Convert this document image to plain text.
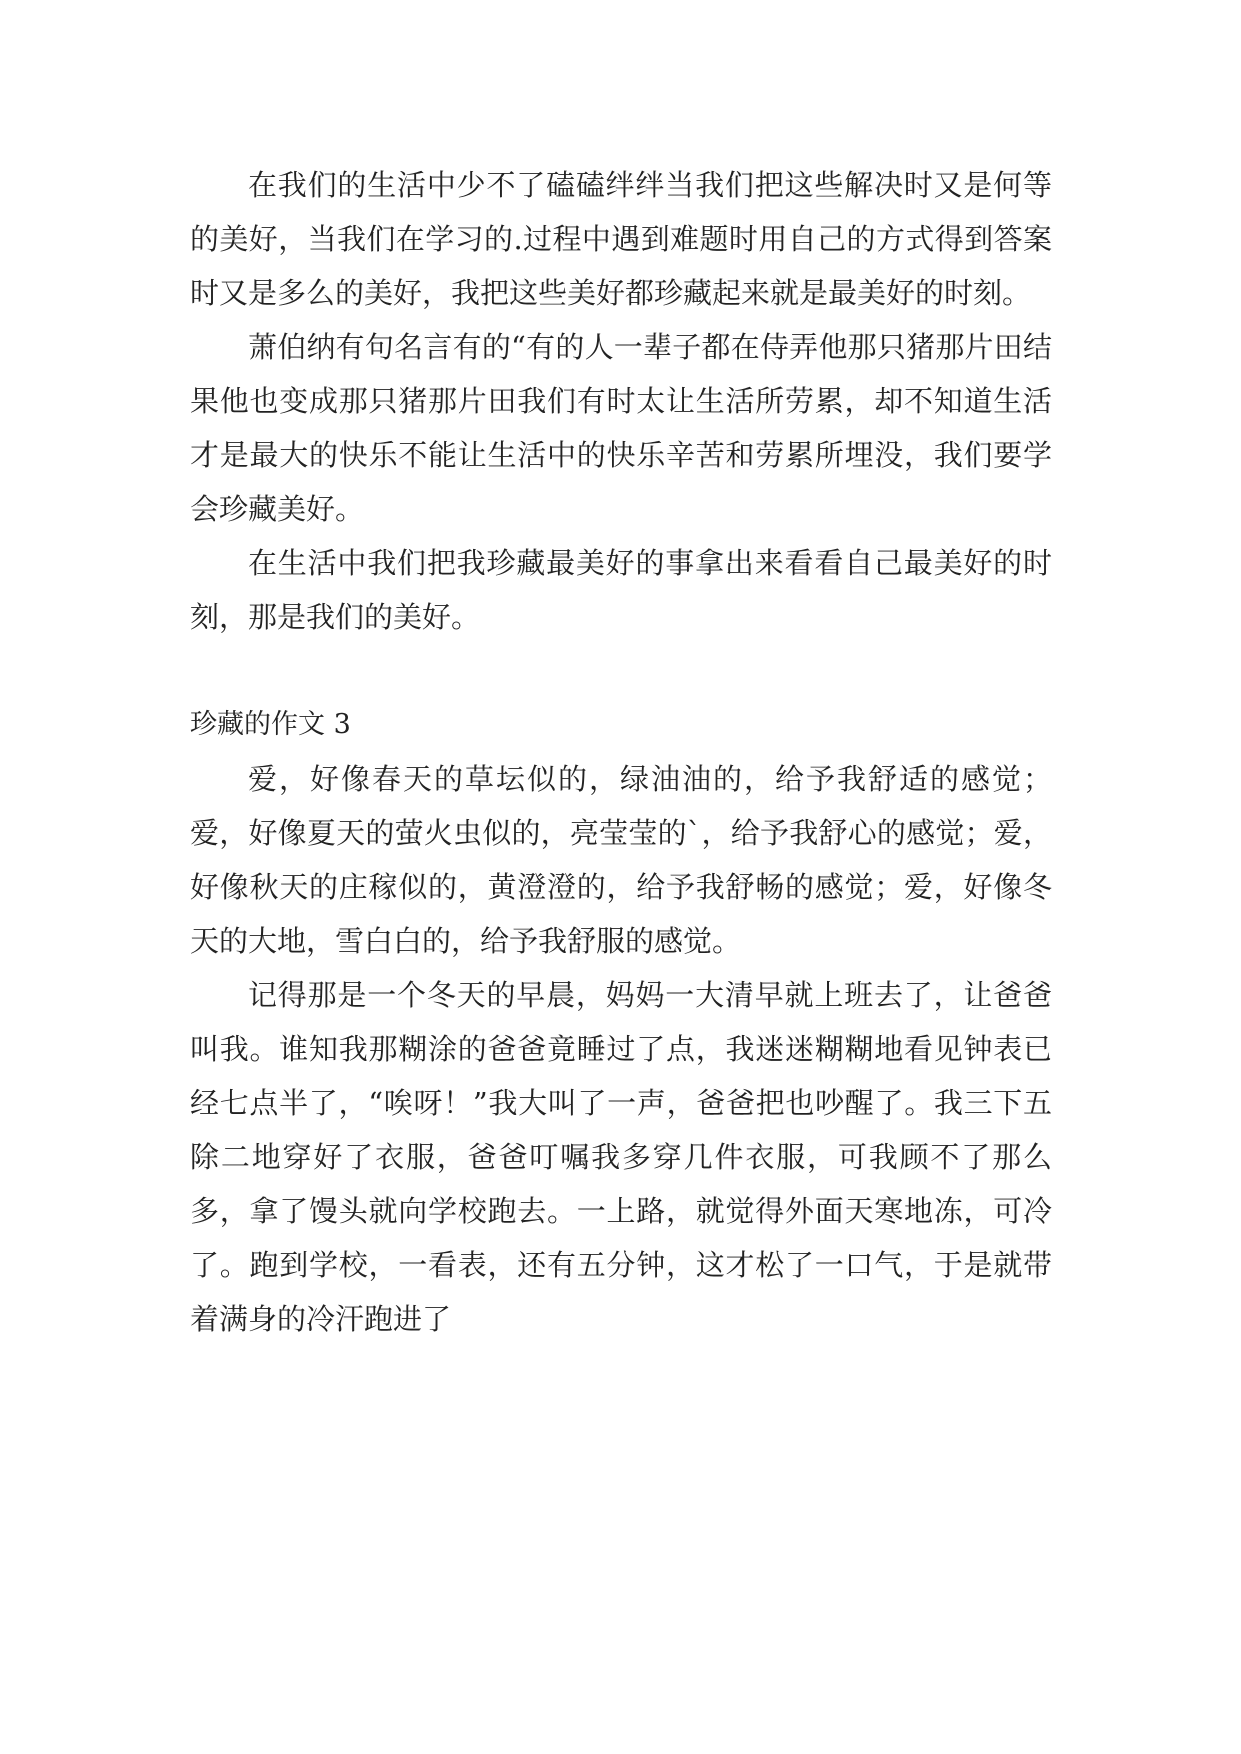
在我们的生活中少不了磕磕绊绊当我们把这些解决时又是何等的美好，当我们在学习的.过程中遇到难题时用自己的方式得到答案时又是多么的美好，我把这些美好都珍藏起来就是最美好的时刻。

萧伯纳有句名言有的“有的人一辈子都在侍弄他那只猪那片田结果他也变成那只猪那片田我们有时太让生活所劳累，却不知道生活才是最大的快乐不能让生活中的快乐辛苦和劳累所埋没，我们要学会珍藏美好。

在生活中我们把我珍藏最美好的事拿出来看看自己最美好的时刻，那是我们的美好。

珍藏的作文 3

爱，好像春天的草坛似的，绿油油的，给予我舒适的感觉；爱，好像夏天的萤火虫似的，亮莹莹的`，给予我舒心的感觉；爱，好像秋天的庄稼似的，黄澄澄的，给予我舒畅的感觉；爱，好像冬天的大地，雪白白的，给予我舒服的感觉。

记得那是一个冬天的早晨，妈妈一大清早就上班去了，让爸爸叫我。谁知我那糊涂的爸爸竟睡过了点，我迷迷糊糊地看见钟表已经七点半了，“唉呀！”我大叫了一声，爸爸把也吵醒了。我三下五除二地穿好了衣服，爸爸叮嘱我多穿几件衣服，可我顾不了那么多，拿了馒头就向学校跑去。一上路，就觉得外面天寒地冻，可冷了。跑到学校，一看表，还有五分钟，这才松了一口气，于是就带着满身的冷汗跑进了
